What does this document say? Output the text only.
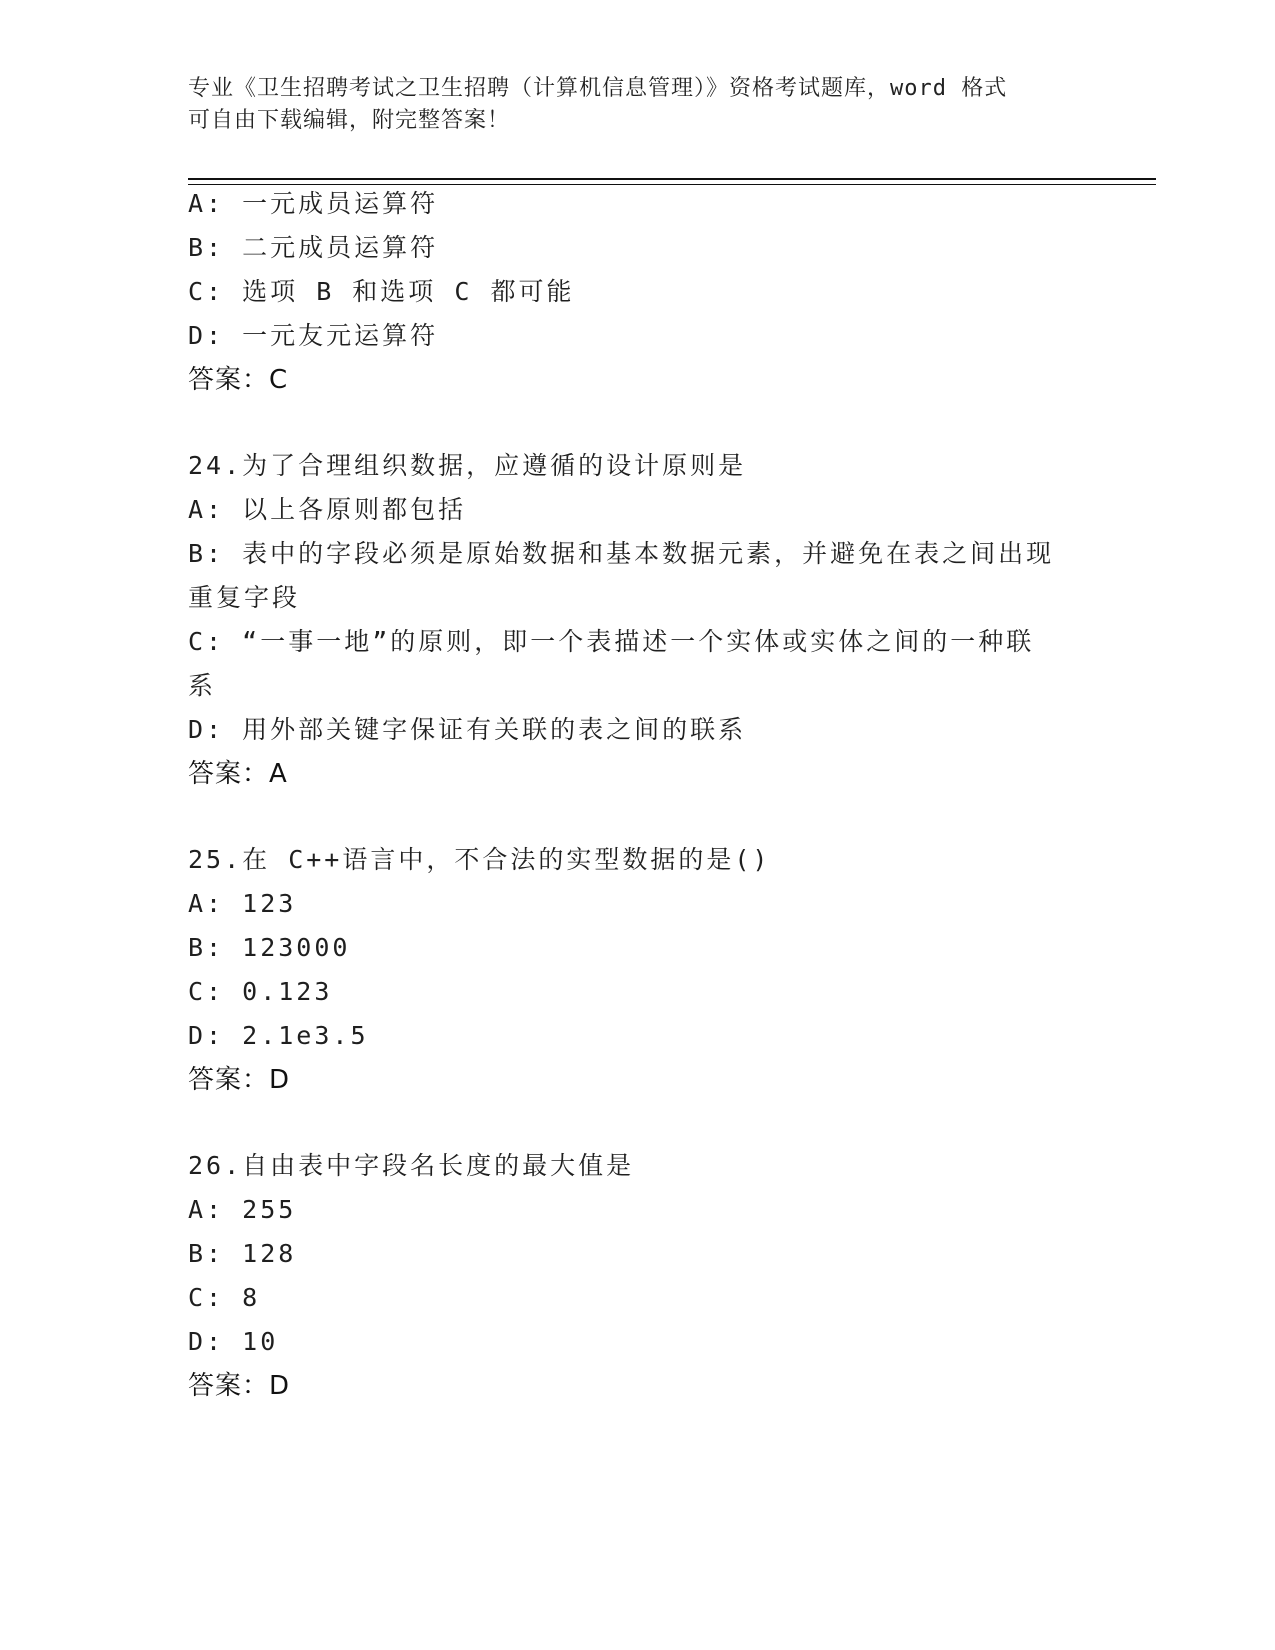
专业《卫生招聘考试之卫生招聘（计算机信息管理）》资格考试题库，word 格式
可自由下载编辑，附完整答案！
A: 一元成员运算符
B: 二元成员运算符
C: 选项 B 和选项 C 都可能
D: 一元友元运算符
答案：C
24.为了合理组织数据，应遵循的设计原则是
A: 以上各原则都包括
B: 表中的字段必须是原始数据和基本数据元素，并避免在表之间出现
重复字段
C: “一事一地”的原则，即一个表描述一个实体或实体之间的一种联
系
D: 用外部关键字保证有关联的表之间的联系
答案：A
25.在 C++语言中，不合法的实型数据的是()
A: 123
B: 123000
C: 0.123
D: 2.1e3.5
答案：D
26.自由表中字段名长度的最大值是
A: 255
B: 128
C: 8
D: 10
答案：D
